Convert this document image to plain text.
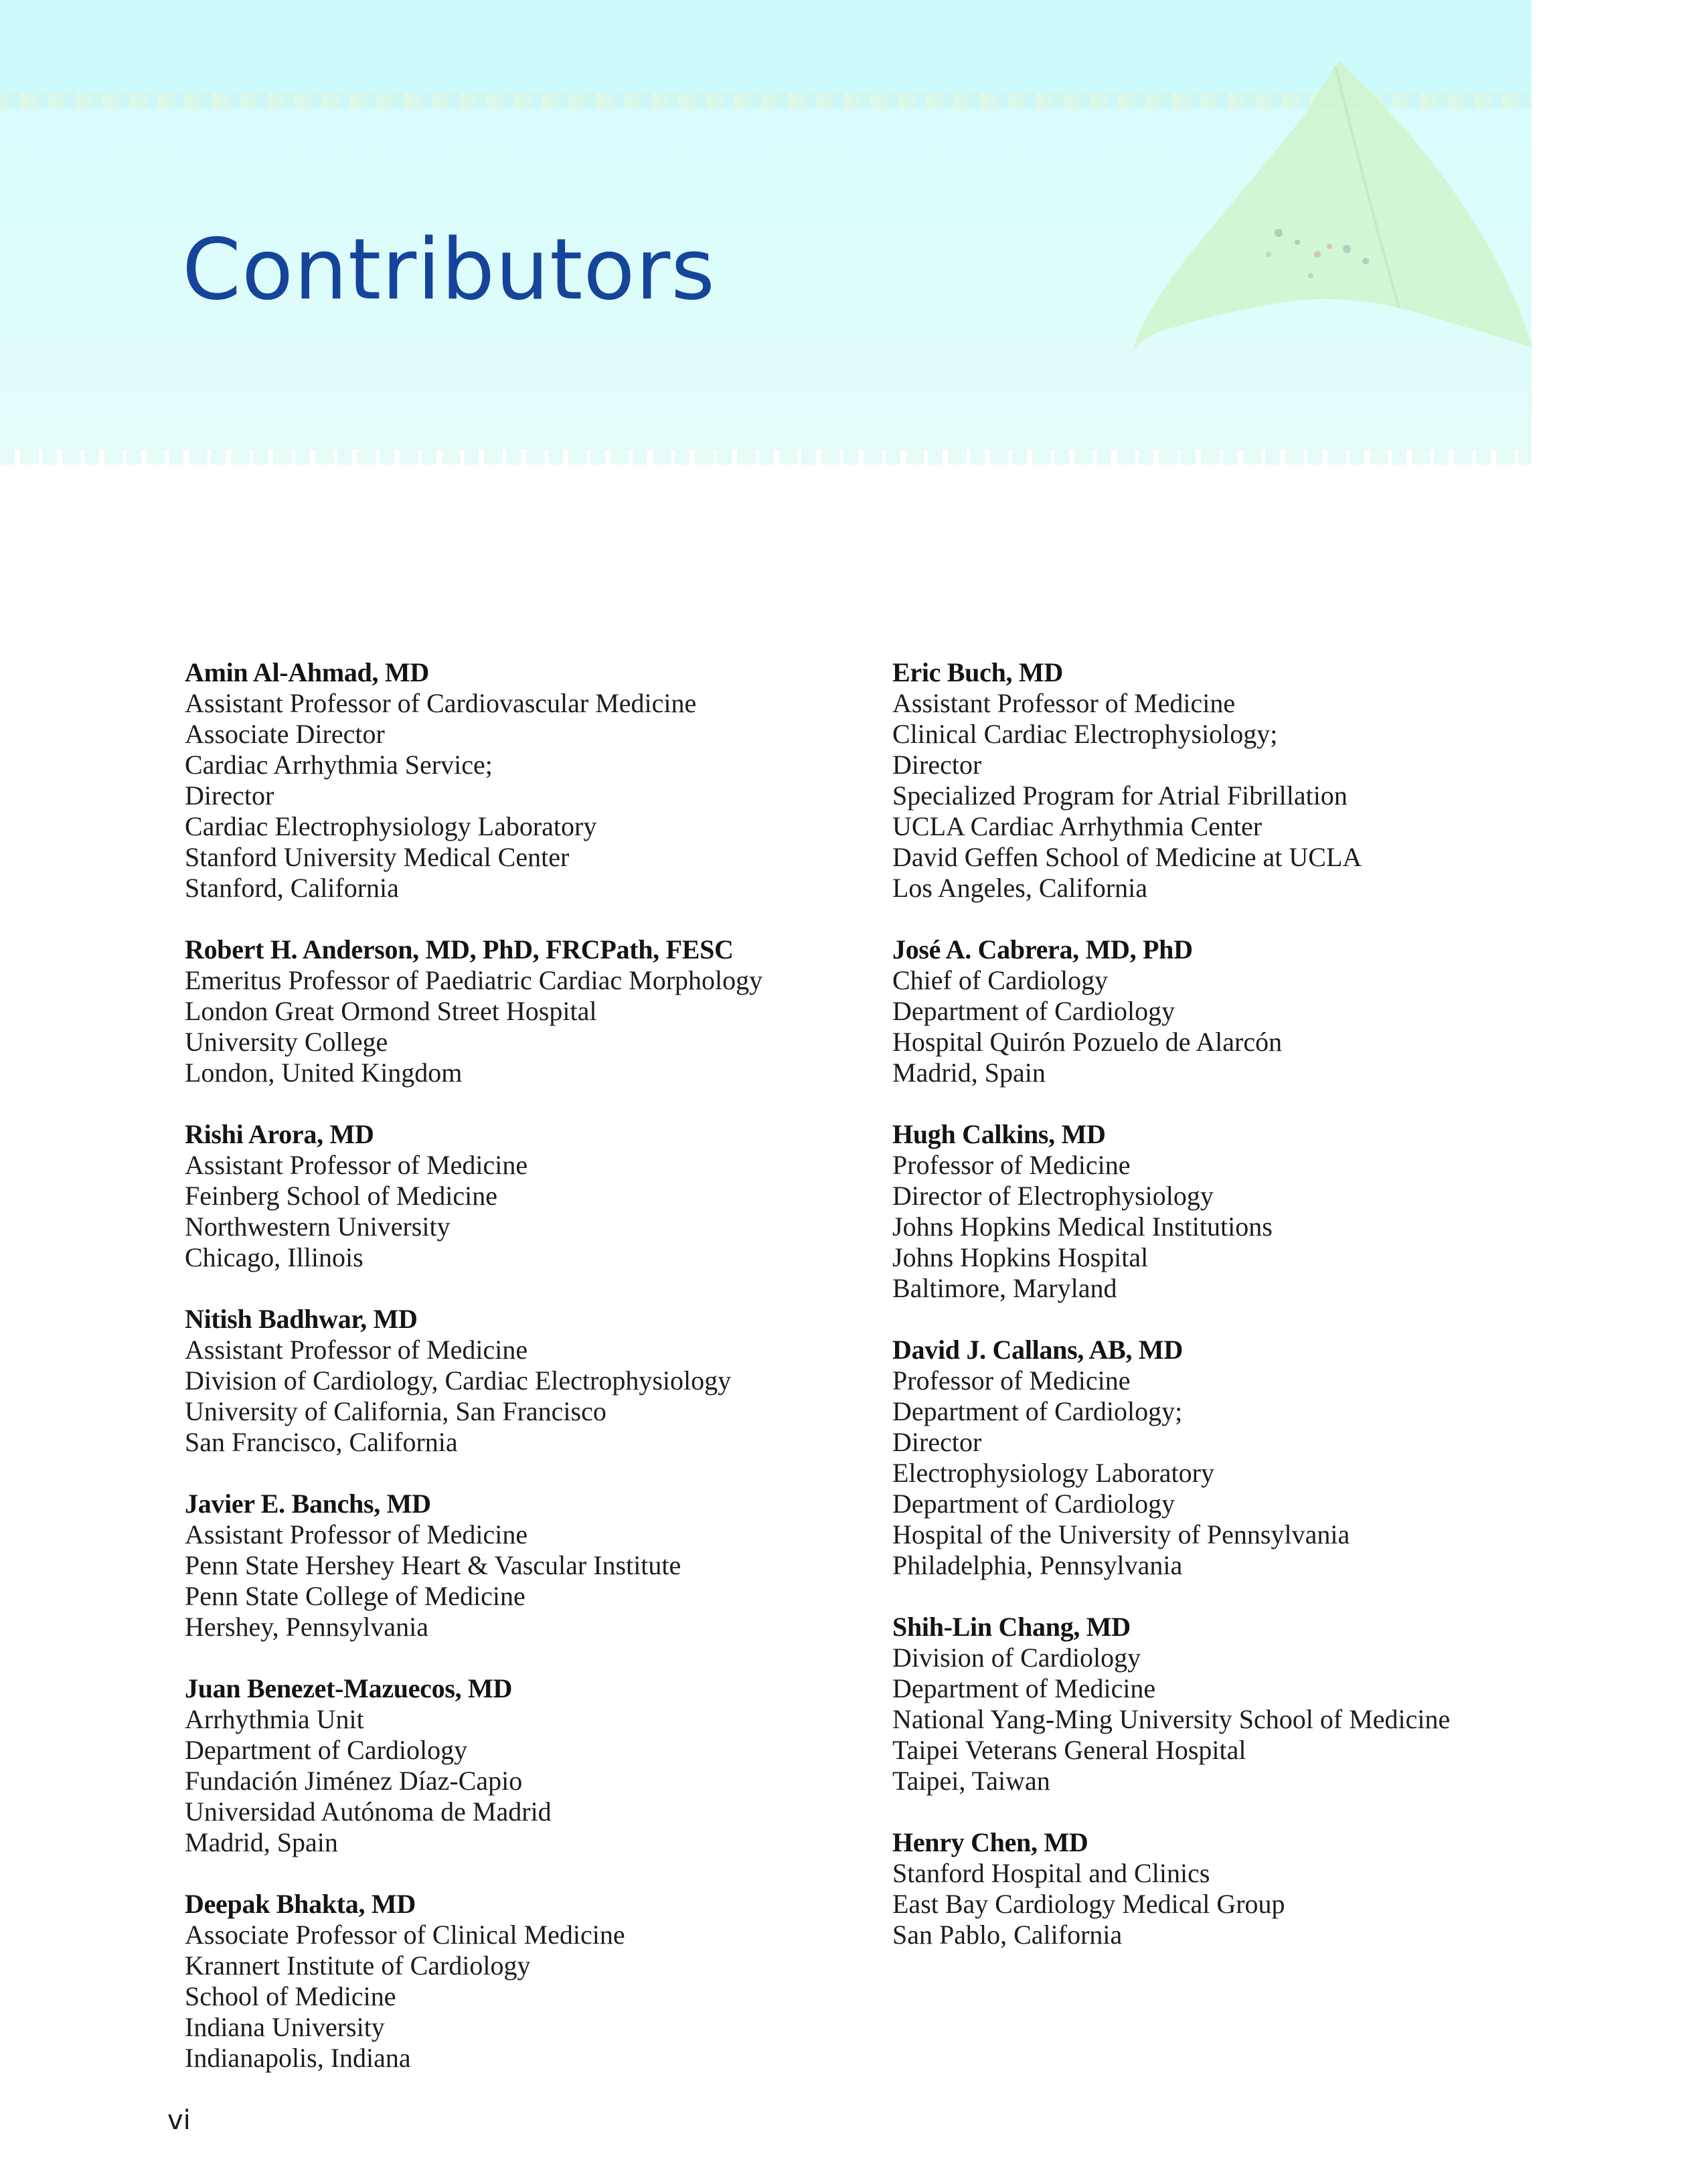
Contributors
Amin Al-Ahmad, MD
Assistant Professor of Cardiovascular Medicine
Associate Director
Cardiac Arrhythmia Service;
Director
Cardiac Electrophysiology Laboratory
Stanford University Medical Center
Stanford, California
Robert H. Anderson, MD, PhD, FRCPath, FESC
Emeritus Professor of Paediatric Cardiac Morphology
London Great Ormond Street Hospital
University College
London, United Kingdom
Rishi Arora, MD
Assistant Professor of Medicine
Feinberg School of Medicine
Northwestern University
Chicago, Illinois
Nitish Badhwar, MD
Assistant Professor of Medicine
Division of Cardiology, Cardiac Electrophysiology
University of California, San Francisco
San Francisco, California
Javier E. Banchs, MD
Assistant Professor of Medicine
Penn State Hershey Heart & Vascular Institute
Penn State College of Medicine
Hershey, Pennsylvania
Juan Benezet-Mazuecos, MD
Arrhythmia Unit
Department of Cardiology
Fundación Jiménez Díaz-Capio
Universidad Autónoma de Madrid
Madrid, Spain
Deepak Bhakta, MD
Associate Professor of Clinical Medicine
Krannert Institute of Cardiology
School of Medicine
Indiana University
Indianapolis, Indiana
Eric Buch, MD
Assistant Professor of Medicine
Clinical Cardiac Electrophysiology;
Director
Specialized Program for Atrial Fibrillation
UCLA Cardiac Arrhythmia Center
David Geffen School of Medicine at UCLA
Los Angeles, California
José A. Cabrera, MD, PhD
Chief of Cardiology
Department of Cardiology
Hospital Quirón Pozuelo de Alarcón
Madrid, Spain
Hugh Calkins, MD
Professor of Medicine
Director of Electrophysiology
Johns Hopkins Medical Institutions
Johns Hopkins Hospital
Baltimore, Maryland
David J. Callans, AB, MD
Professor of Medicine
Department of Cardiology;
Director
Electrophysiology Laboratory
Department of Cardiology
Hospital of the University of Pennsylvania
Philadelphia, Pennsylvania
Shih-Lin Chang, MD
Division of Cardiology
Department of Medicine
National Yang-Ming University School of Medicine
Taipei Veterans General Hospital
Taipei, Taiwan
Henry Chen, MD
Stanford Hospital and Clinics
East Bay Cardiology Medical Group
San Pablo, California
vi
